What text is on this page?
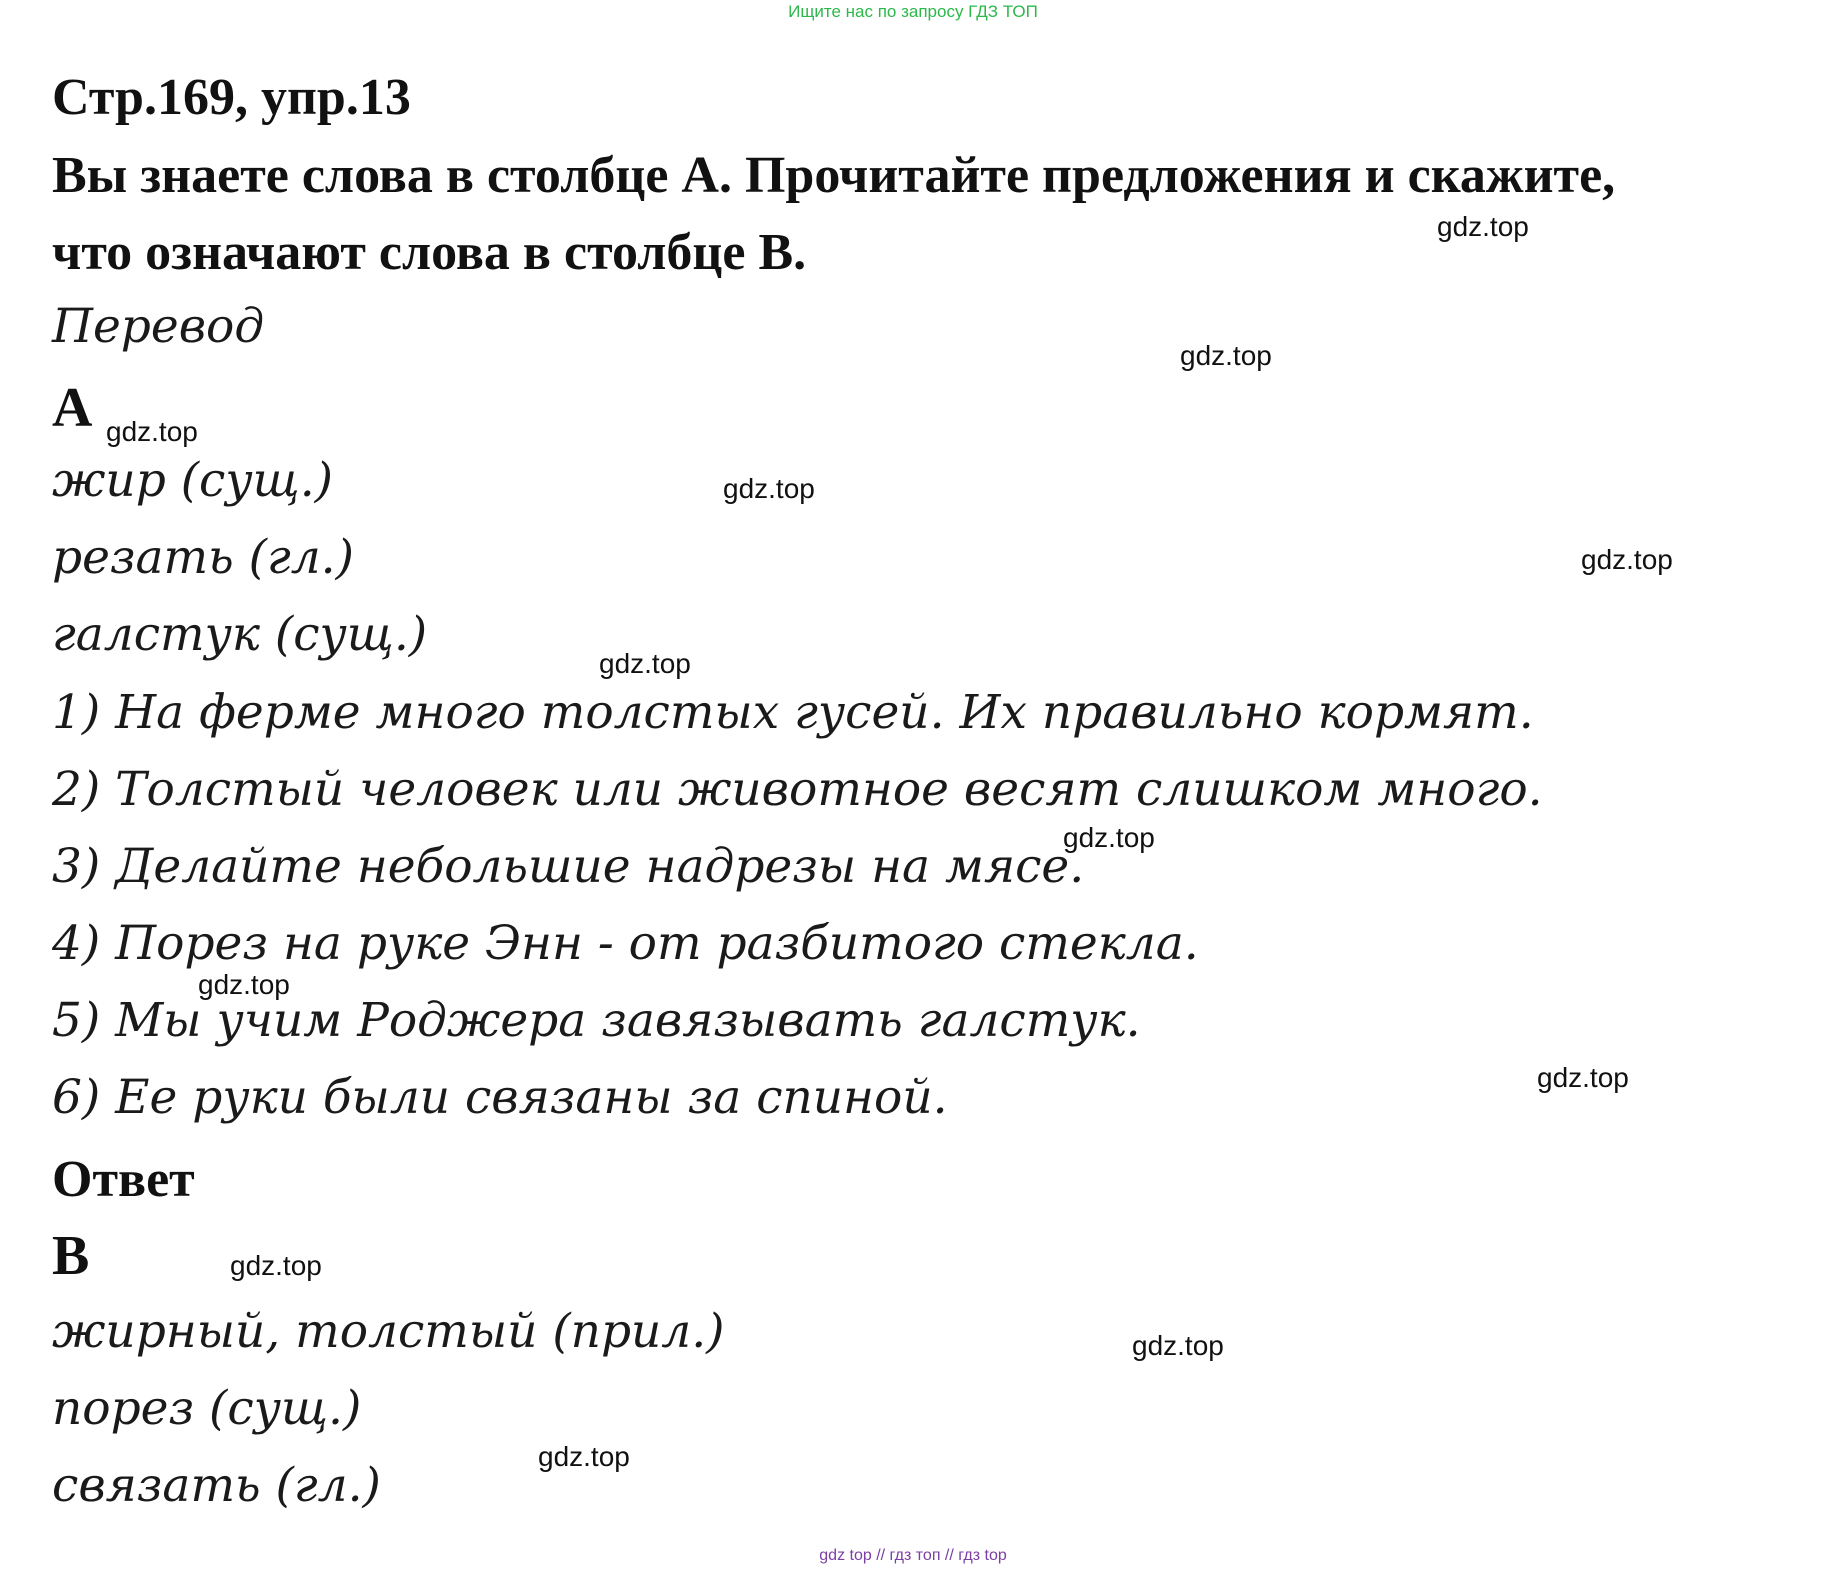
Ищите нас по запросу ГДЗ ТОП
Стр.169, упр.13
Вы знаете слова в столбце А. Прочитайте предложения и скажите,
что означают слова в столбце В.
Перевод
А
жир (сущ.)
резать (гл.)
галстук (сущ.)
1) На ферме много толстых гусей. Их правильно кормят.
2) Толстый человек или животное весят слишком много.
3) Делайте небольшие надрезы на мясе.
4) Порез на руке Энн - от разбитого стекла.
5) Мы учим Роджера завязывать галстук.
6) Ее руки были связаны за спиной.
Ответ
В
жирный, толстый (прил.)
порез (сущ.)
связать (гл.)
gdz.top
gdz.top
gdz.top
gdz.top
gdz.top
gdz.top
gdz.top
gdz.top
gdz.top
gdz.top
gdz.top
gdz.top
gdz top // гдз топ // гдз top
